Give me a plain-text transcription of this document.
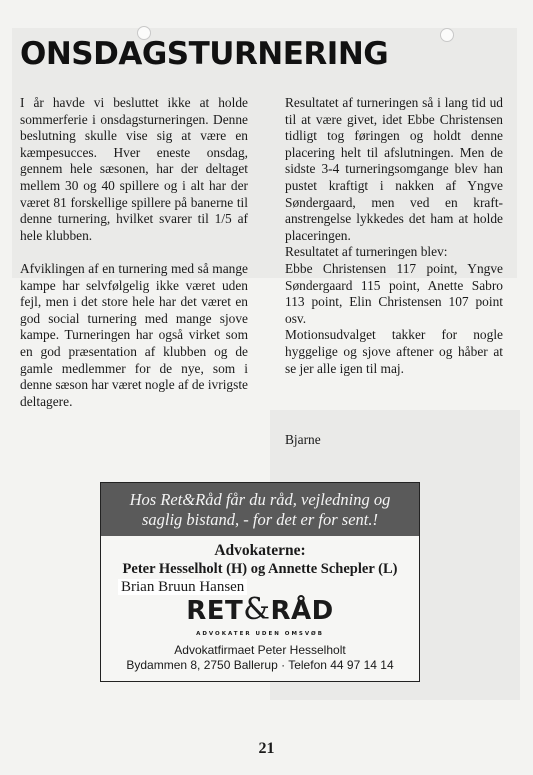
ONSDAGSTURNERING

I år havde vi besluttet ikke at holde sommerferie i onsdagsturneringen. Denne beslutning skulle vise sig at være en kæmpesucces. Hver eneste onsdag, gennem hele sæsonen, har der deltaget mellem 30 og 40 spillere og i alt har der været 81 forskellige spillere på banerne til denne turnering, hvilket svarer til 1/5 af hele klubben.

Afviklingen af en turnering med så mange kampe har selvfølgelig ikke været uden fejl, men i det store hele har det været en god social turnering med mange sjove kampe. Turneringen har også virket som en god præsentation af klubben og de gamle medlemmer for de nye, som i denne sæson har været nogle af de ivrigste deltagere.

Resultatet af turneringen så i lang tid ud til at være givet, idet Ebbe Christensen tidligt tog føringen og holdt denne placering helt til afslutningen. Men de sidste 3-4 turneringsomgange blev han pustet kraftigt i nakken af Yngve Søndergaard, men ved en kraft-anstrengelse lykkedes det ham at holde placeringen.

Resultatet af turneringen blev:

Ebbe Christensen 117 point, Yngve Søndergaard 115 point, Anette Sabro 113 point, Elin Christensen 107 point osv.

Motionsudvalget takker for nogle hyggelige og sjove aftener og håber at se jer alle igen til maj.

Bjarne
Hos Ret&Råd får du råd, vejledning og saglig bistand, - for det er for sent.!
Advokaterne:
Peter Hesselholt (H) og Annette Schepler (L)
Brian Bruun Hansen
RET&RÅD
ADVOKATER UDEN OMSVØB
Advokatfirmaet Peter Hesselholt
Bydammen 8, 2750 Ballerup · Telefon 44 97 14 14
21
